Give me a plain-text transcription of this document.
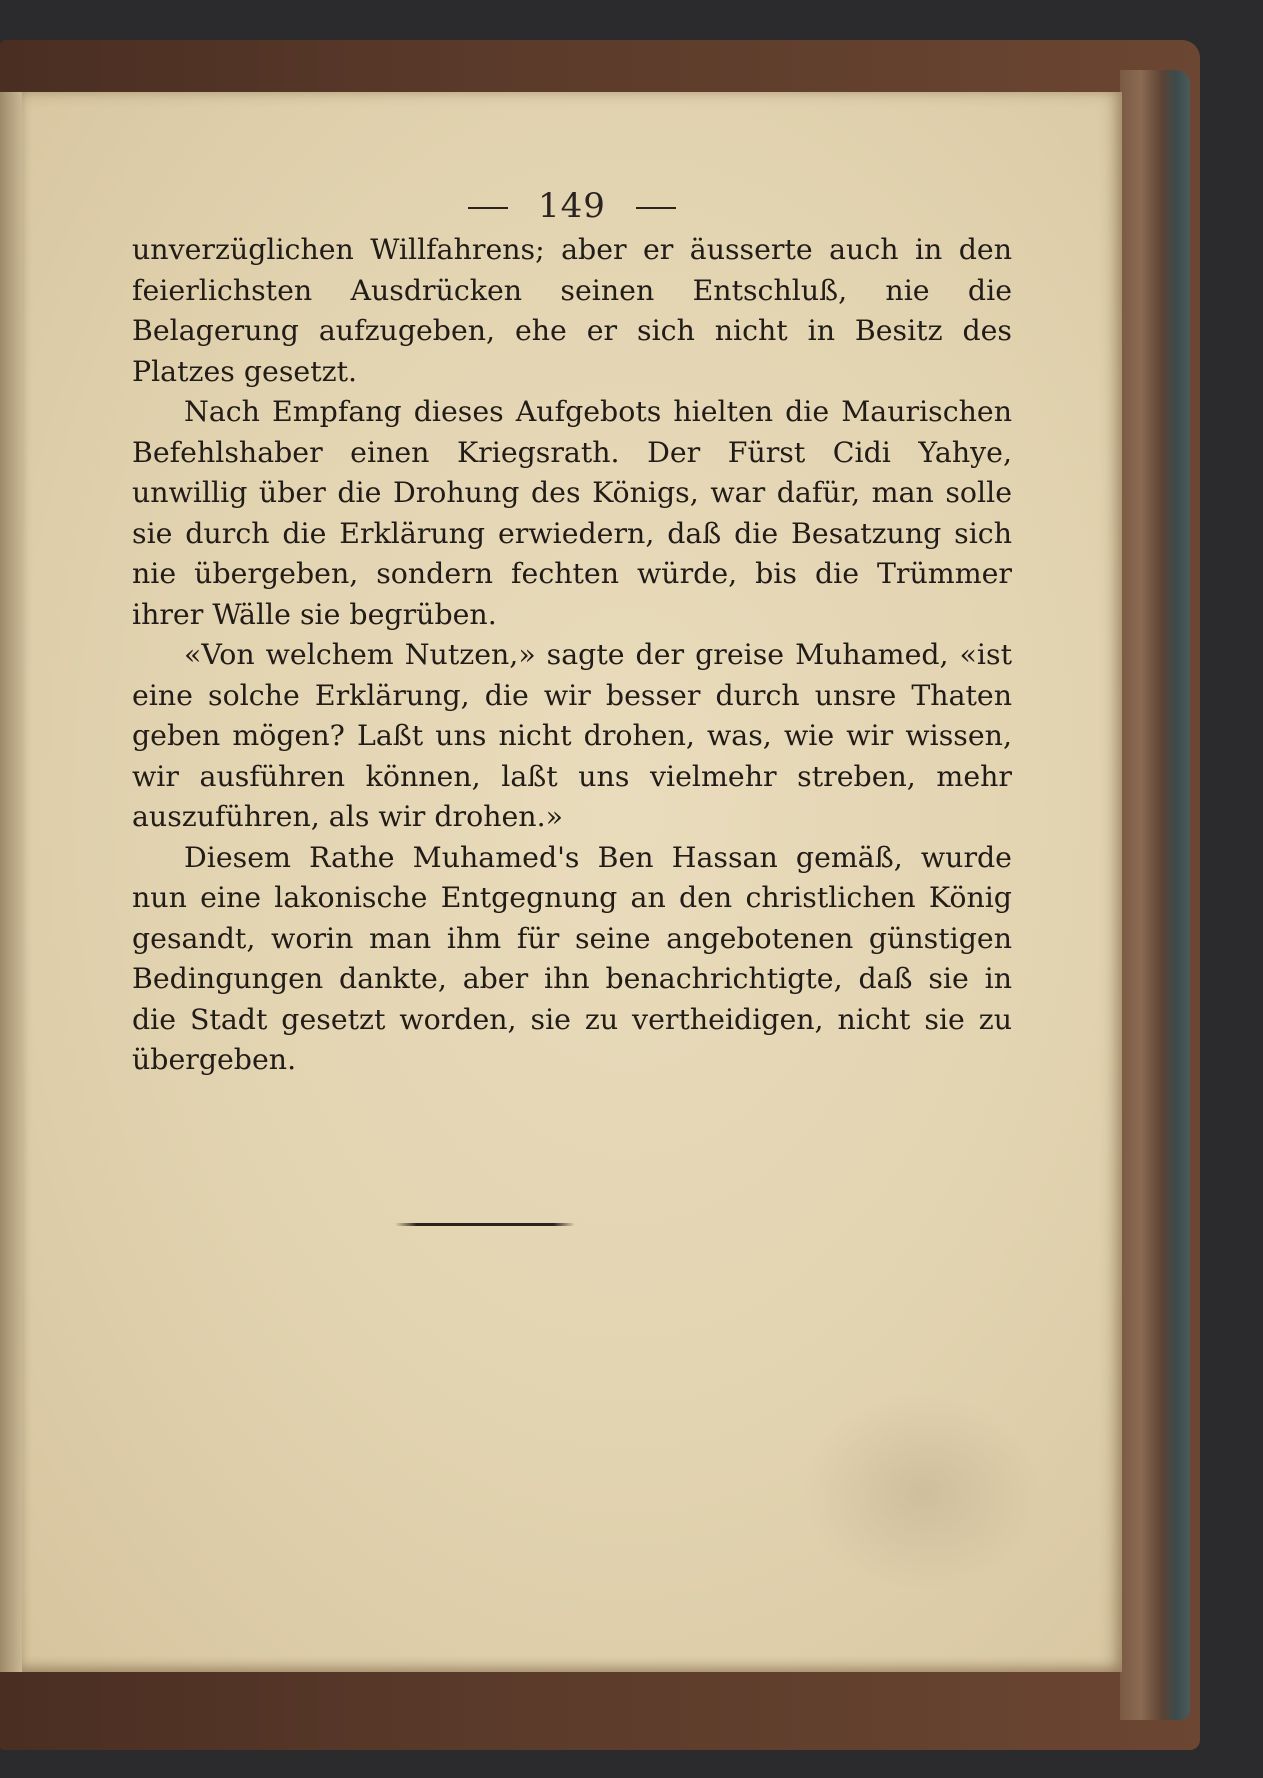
149

unverzüglichen Willfahrens; aber er äusserte auch in den feierlichsten Ausdrücken seinen Entschluß, nie die Belagerung aufzugeben, ehe er sich nicht in Besitz des Platzes gesetzt.

Nach Empfang dieses Aufgebots hielten die Maurischen Befehlshaber einen Kriegsrath. Der Fürst Cidi Yahye, unwillig über die Drohung des Königs, war dafür, man solle sie durch die Erklärung erwiedern, daß die Besatzung sich nie übergeben, sondern fechten würde, bis die Trümmer ihrer Wälle sie begrüben.

«Von welchem Nutzen,» sagte der greise Muhamed, «ist eine solche Erklärung, die wir besser durch unsre Thaten geben mögen? Laßt uns nicht drohen, was, wie wir wissen, wir ausführen können, laßt uns vielmehr streben, mehr auszuführen, als wir drohen.»

Diesem Rathe Muhamed's Ben Hassan gemäß, wurde nun eine lakonische Entgegnung an den christlichen König gesandt, worin man ihm für seine angebotenen günstigen Bedingungen dankte, aber ihn benachrichtigte, daß sie in die Stadt gesetzt worden, sie zu vertheidigen, nicht sie zu übergeben.
